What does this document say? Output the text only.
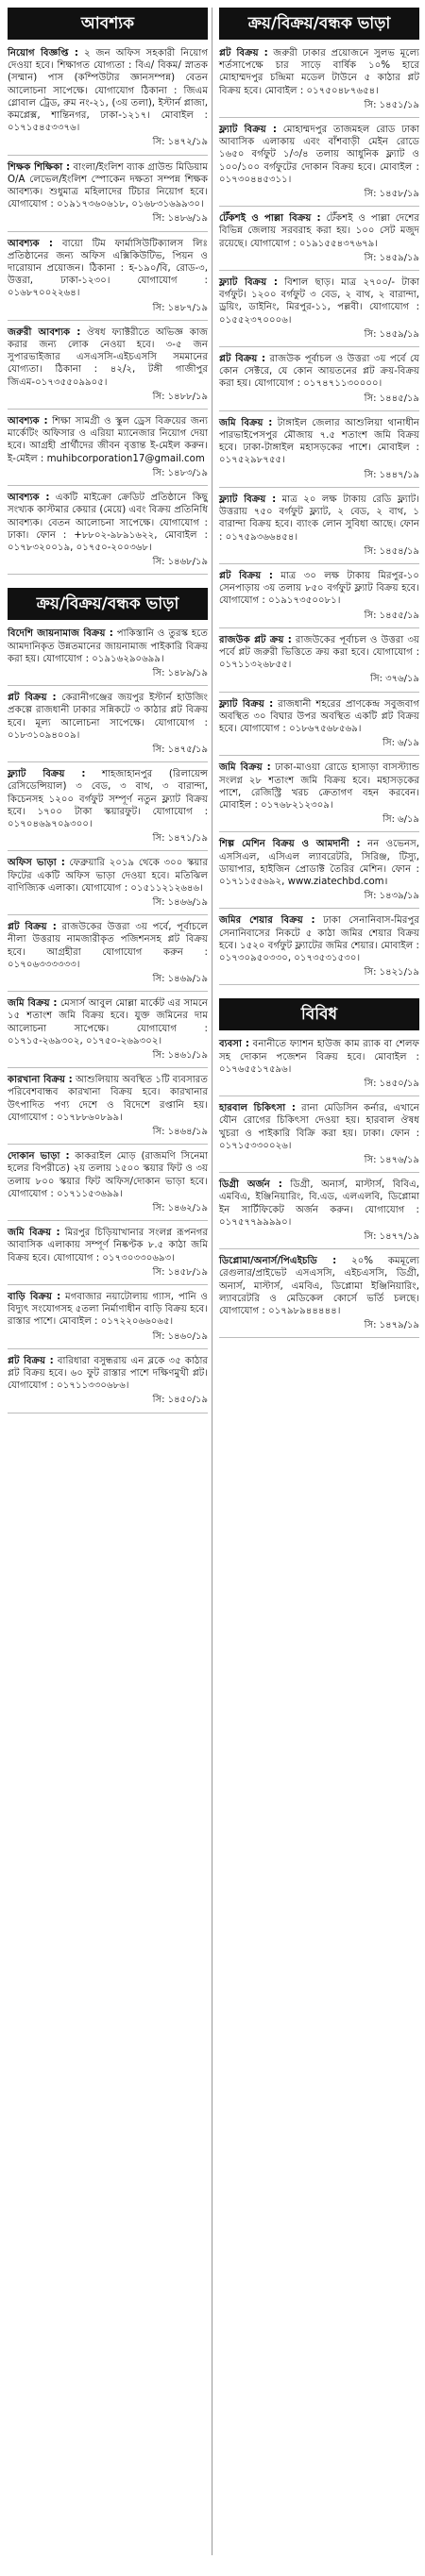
আবশ্যক
নিয়োগ বিজ্ঞপ্তি : ২ জন অফিস সহকারী নিয়োগ দেওয়া হবে। শিক্ষাগত যোগ্যতা : বিএ/ বিকম/ স্নাতক (সম্মান) পাস (কম্পিউটার জ্ঞানসম্পন্ন) বেতন আলোচনা সাপেক্ষে। যোগাযোগ ঠিকানা : জিএম গ্লোবাল ট্রেড, রুম নং-২১, (৩য় তলা), ইস্টার্ন প্লাজা, কমপ্লেক্স, শান্তিনগর, ঢাকা-১২১৭। মোবাইল : ০১৭১৫৪৫৩৩৭৬।
সি: ১৪৭২/১৯
শিক্ষক শিক্ষিকা : বাংলা/ইংলিশ ব্যাক গ্রাউন্ড মিডিয়াম O/A লেভেল/ইংলিশ স্পোকেন দক্ষতা সম্পন্ন শিক্ষক আবশ্যক। শুধুমাত্র মহিলাদের টিচার নিয়োগ হবে। যোগাযোগ : ০১৯১৭৩৬০৬১৮, ০১৬৮৩১৬৯৯৩০।
সি: ১৪৮৬/১৯
আবশ্যক : বায়ো টিম ফার্মাসিউটিক্যালস লিঃ প্রতিষ্ঠানের জন্য অফিস এক্সিকিউটিভ, পিয়ন ও দারোয়ান প্রয়োজন। ঠিকানা : হ-১৯০/বি, রোড-৩, উত্তরা, ঢাকা-১২৩০। যোগাযোগ : ০১৬৮৭০০২২৬৪।
সি: ১৪৮৭/১৯
জরুরী আবশ্যক : ঔষধ ফ্যাক্টরীতে অভিজ্ঞ কাজ করার জন্য লোক নেওয়া হবে। ৩-৫ জন সুপারভাইজার এসএসসি-এইচএসসি সমমানের যোগ্যতা। ঠিকানা : ৪২/২, টঙ্গী গাজীপুর জিএম-০১৭৩৫৫০৯৯০৫।
সি: ১৪৮৮/১৯
আবশ্যক : শিক্ষা সামগ্রী ও স্কুল ড্রেস বিক্রয়ের জন্য মার্কেটিং অফিসার ও এরিয়া ম্যানেজার নিয়োগ দেয়া হবে। আগ্রহী প্রার্থীদের জীবন বৃত্তান্ত ই-মেইল করুন। ই-মেইল : muhibcorporation17@gmail.com
সি: ১৪৮৩/১৯
আবশ্যক : একটি মাইক্রো ক্রেডিট প্রতিষ্ঠানে কিছু সংখ্যক কাস্টমার কেয়ার (মেয়ে) এবং বিক্রয় প্রতিনিধি আবশ্যক। বেতন আলোচনা সাপেক্ষে। যোগাযোগ : ঢাকা। ফোন : +৮৮০২-৯৮৯১৬২২, মোবাইল : ০১৭৮৩২০০১৯, ০১৭৫০-২০০৩৬৮।
সি: ১৪৬৮/১৯
ক্রয়/বিক্রয়/বন্ধক ভাড়া
বিদেশি জায়নামাজ বিক্রয় : পাকিস্তানি ও তুরস্ক হতে আমদানিকৃত উন্নতমানের জায়নামাজ পাইকারি বিক্রয় করা হয়। যোগাযোগ : ০১৯১৬২৯০৬৯৯।
সি: ১৪৮৯/১৯
প্লট বিক্রয় : কেরানীগঞ্জের জয়পুর ইস্টার্ন হাউজিং প্রকল্পে রাজধানী ঢাকার সন্নিকটে ৩ কাঠার প্লট বিক্রয় হবে। মূল্য আলোচনা সাপেক্ষে। যোগাযোগ : ০১৮৩১০৯৪০০৯।
সি: ১৪৭৫/১৯
ফ্ল্যাট বিক্রয় : শাহজাহানপুর (রিলায়েন্স রেসিডেন্সিয়াল) ৩ বেড, ৩ বাথ, ৩ বারান্দা, কিচেনসহ ১২০০ বর্গফুট সম্পূর্ণ নতুন ফ্ল্যাট বিক্রয় হবে। ১৭০০ টাকা স্কয়ারফুট। যোগাযোগ : ০১৭০৪৬৯৭০৯৩০০।
সি: ১৪৭১/১৯
অফিস ভাড়া : ফেব্রুয়ারি ২০১৯ থেকে ৩০০ স্কয়ার ফিটের একটি অফিস ভাড়া দেওয়া হবে। মতিঝিল বাণিজ্যিক এলাকা। যোগাযোগ : ০১৫১১২১২৬৪৬।
সি: ১৪৬৬/১৯
প্লট বিক্রয় : রাজউকের উত্তরা ৩য় পর্বে, পূর্বাচলে নীলা উত্তরায় নামজারীকৃত পজিশনসহ প্লট বিক্রয় হবে। আগ্রহীরা যোগাযোগ করুন : ০১৭০৬৩৩৩৩৩৩।
সি: ১৪৬৯/১৯
জমি বিক্রয় : মেসার্স আবুল মোল্লা মার্কেট এর সামনে ১৫ শতাংশ জমি বিক্রয় হবে। যুক্ত জমিনের দাম আলোচনা সাপেক্ষে। যোগাযোগ : ০১৭১৫-২৬৯৩০২, ০১৭৫০-২৬৯৩০২।
সি: ১৪৬১/১৯
কারখানা বিক্রয় : আশুলিয়ায় অবস্থিত ১টি ব্যবসারত পরিবেশবান্ধব কারখানা বিক্রয় হবে। কারখানার উৎপাদিত পণ্য দেশে ও বিদেশে রপ্তানি হয়। যোগাযোগ : ০১৭৮৮৬০৮৯৯।
সি: ১৪৬৪/১৯
দোকান ভাড়া : কাকরাইল মোড় (রাজমণি সিনেমা হলের বিপরীতে) ২য় তলায় ১৫০০ স্কয়ার ফিট ও ৩য় তলায় ৮০০ স্কয়ার ফিট অফিস/দোকান ভাড়া হবে। যোগাযোগ : ০১৭১১৫৩৬৯৯।
সি: ১৪৬২/১৯
জমি বিক্রয় : মিরপুর চিড়িয়াখানার সংলগ্ন রূপনগর আবাসিক এলাকায় সম্পূর্ণ নিষ্কণ্টক ৮.৫ কাঠা জমি বিক্রয় হবে। যোগাযোগ : ০১৭৩০৩৩০৬৯৩।
সি: ১৪৫৮/১৯
বাড়ি বিক্রয় : মগবাজার নয়াটোলায় গ্যাস, পানি ও বিদ্যুৎ সংযোগসহ ৫তলা নির্মাণাধীন বাড়ি বিক্রয় হবে। রাস্তার পাশে। মোবাইল : ০১৭২২০৬৬০৬৫।
সি: ১৪৬০/১৯
প্লট বিক্রয় : বারিধারা বসুন্ধরায় এন ব্লকে ৩৫ কাঠার প্লট বিক্রয় হবে। ৬০ ফুট রাস্তার পাশে দক্ষিণমুখী প্লট। যোগাযোগ : ০১৭১১৩৩০৬৮৬।
সি: ১৪৫০/১৯
ক্রয়/বিক্রয়/বন্ধক ভাড়া
প্লট বিক্রয় : জরুরী ঢাকার প্রয়োজনে সুলভ মূল্যে শর্তসাপেক্ষে চার সাড়ে বার্ষিক ১০% হারে মোহাম্মদপুর চন্দ্রিমা মডেল টাউনে ৫ কাঠার প্লট বিক্রয় হবে। মোবাইল : ০১৭৫০৪৮৭৬৫৪।
সি: ১৪৫১/১৯
ফ্ল্যাট বিক্রয় : মোহাম্মদপুর তাজমহল রোড ঢাকা আবাসিক এলাকায় এবং বাঁশবাড়ী মেইন রোডে ১৬৫০ বর্গফুট ১/৩/৪ তলায় আধুনিক ফ্ল্যাট ও ১০০/১০০ বর্গফুটের দোকান বিক্রয় হবে। মোবাইল : ০১৭৩০৪৪৫৩১১।
সি: ১৪৫৮/১৯
টেঁকশই ও পাল্লা বিক্রয় : টেঁকশই ও পাল্লা দেশের বিভিন্ন জেলায় সরবরাহ করা হয়। ১০০ সেট মজুদ রয়েছে। যোগাযোগ : ০১৯১৫৫৪৩৭৬৭৯।
সি: ১৪৫৯/১৯
ফ্ল্যাট বিক্রয় : বিশাল ছাড়। মাত্র ২৭০০/- টাকা বর্গফুট। ১২০০ বর্গফুট ৩ বেড, ২ বাথ, ২ বারান্দা, ড্রয়িং, ডাইনিং, মিরপুর-১১, পল্লবী। যোগাযোগ : ০১৫৫২৩৭০০০৬।
সি: ১৪৫৯/১৯
প্লট বিক্রয় : রাজউক পূর্বাচল ও উত্তরা ৩য় পর্বে যে কোন সেক্টরে, যে কোন আয়তনের প্লট ক্রয়-বিক্রয় করা হয়। যোগাযোগ : ০১৭৪৭১১৩০০০০।
সি: ১৪৪৫/১৯
জমি বিক্রয় : টাঙ্গাইল জেলার আশুলিয়া থানাধীন পারভাইপেসপুর মৌজায় ৭.৫ শতাংশ জমি বিক্রয় হবে। ঢাকা-টাঙ্গাইল মহাসড়কের পাশে। মোবাইল : ০১৭৫২৯৮৭৫৫।
সি: ১৪৪৭/১৯
ফ্ল্যাট বিক্রয় : মাত্র ২০ লক্ষ টাকায় রেডি ফ্ল্যাট। উত্তরায় ৭৫০ বর্গফুট ফ্ল্যাট, ২ বেড, ২ বাথ, ১ বারান্দা বিক্রয় হবে। ব্যাংক লোন সুবিধা আছে। ফোন : ০১৭৫৯৩৬৬৪৫৪।
সি: ১৪৫৪/১৯
প্লট বিক্রয় : মাত্র ৩০ লক্ষ টাকায় মিরপুর-১০ সেনপাড়ায় ৩য় তলায় ৮৫০ বর্গফুট ফ্ল্যাট বিক্রয় হবে। যোগাযোগ : ০১৯১৭৩৫০০৮১।
সি: ১৪৫৫/১৯
রাজউক প্লট ক্রয় : রাজউকের পূর্বাচল ও উত্তরা ৩য় পর্বে প্লট জরুরী ভিত্তিতে ক্রয় করা হবে। যোগাযোগ : ০১৭১১৩২৬৮৫৫।
সি: ৩৭৬/১৯
ফ্ল্যাট বিক্রয় : রাজধানী শহরের প্রাণকেন্দ্র সবুজবাগ অবস্থিত ৩০ বিঘার উপর অবস্থিত একটি প্লট বিক্রয় হবে। যোগাযোগ : ০১৮৬৭৫৬৮৫৬৯।
সি: ৬/১৯
জমি বিক্রয় : ঢাকা-মাওয়া রোডে হাসাড়া বাসস্ট্যান্ড সংলগ্ন ২৮ শতাংশ জমি বিক্রয় হবে। মহাসড়কের পাশে, রেজিস্ট্রি খরচ ক্রেতাগণ বহন করবেন। মোবাইল : ০১৭৬৮২১২৩০৯।
সি: ৬/১৯
শিল্প মেশিন বিক্রয় ও আমদানী : নন ওভেনস, এসসিএল, এসিএল ল্যাবরেটরি, সিরিঞ্জ, টিস্যু, ডায়াপার, হাইজিন প্রোডাক্ট তৈরির মেশিন। ফোন : ০১৭১১৫৫৬৯২, www.ziatechbd.com।
সি: ১৪৩৯/১৯
জমির শেয়ার বিক্রয় : ঢাকা সেনানিবাস-মিরপুর সেনানিবাসের নিকটে ৫ কাঠা জমির শেয়ার বিক্রয় হবে। ১৫২০ বর্গফুট ফ্ল্যাটের জমির শেয়ার। মোবাইল : ০১৭৩০৯৫০৩৩০, ০১৭৩৫৩১৫৩০।
সি: ১৪২১/১৯
বিবিধ
ব্যবসা : বনানীতে ফ্যাশন হাউজ কাম র‍্যাক বা শেলফ সহ দোকান পজেশন বিক্রয় হবে। মোবাইল : ০১৭৬৫৫১৭৫৯৬।
সি: ১৪৫০/১৯
হারবাল চিকিৎসা : রানা মেডিসিন কর্নার, এখানে যৌন রোগের চিকিৎসা দেওয়া হয়। হারবাল ঔষধ খুচরা ও পাইকারি বিক্রি করা হয়। ঢাকা। ফোন : ০১৭১৫৩৩০০২৬।
সি: ১৪৭৬/১৯
ডিগ্রী অর্জন : ডিগ্রী, অনার্স, মাস্টার্স, বিবিএ, এমবিএ, ইঞ্জিনিয়ারিং, বি.এড, এলএলবি, ডিপ্লোমা ইন সার্টিফিকেট অর্জন করুন। যোগাযোগ : ০১৭৫৭৭৯৯৯৯০।
সি: ১৪৭৭/১৯
ডিপ্লোমা/অনার্স/পিএইচডি : ২০% কমমূল্যে রেগুলার/প্রাইভেট এসএসসি, এইচএসসি, ডিগ্রী, অনার্স, মাস্টার্স, এমবিএ, ডিপ্লোমা ইঞ্জিনিয়ারিং, ল্যাবরেটরি ও মেডিকেল কোর্সে ভর্তি চলছে। যোগাযোগ : ০১৭৯৮৯৪৪৪৪৪।
সি: ১৪৭৯/১৯
